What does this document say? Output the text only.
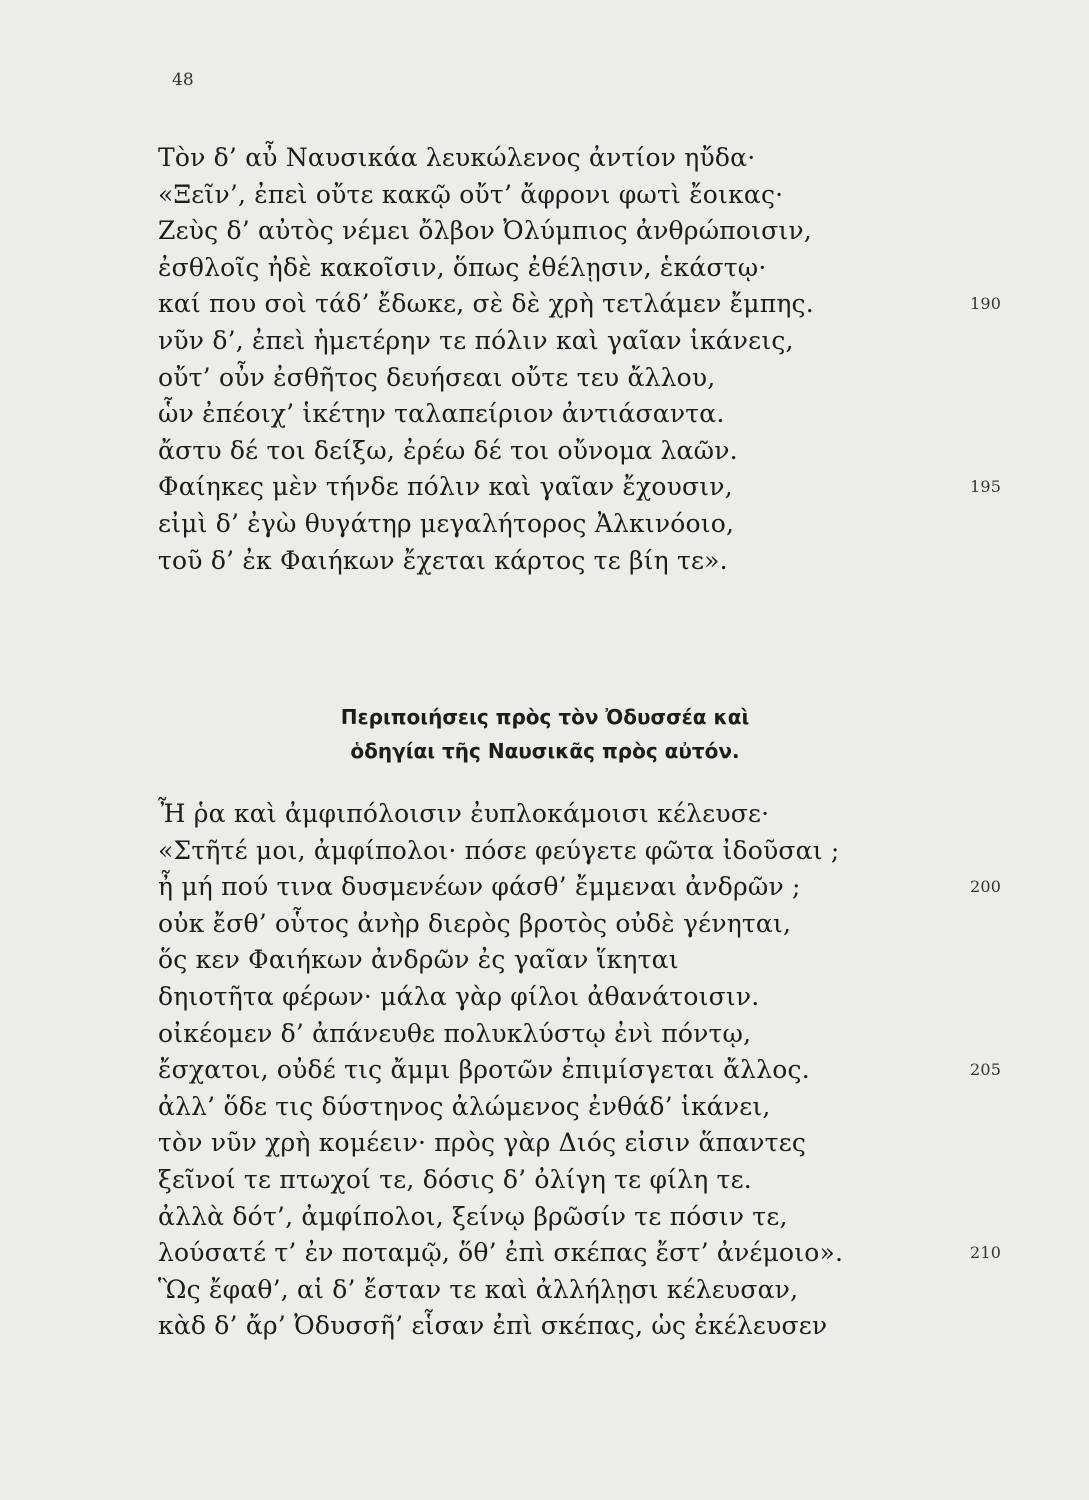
48
Τὸν δ’ αὖ Ναυσικάα λευκώλενος ἀντίον ηὔδα·
«Ξεῖν’, ἐπεὶ οὔτε κακῷ οὔτ’ ἄφρονι φωτὶ ἔοικας·
Ζεὺς δ’ αὐτὸς νέμει ὄλβον Ὀλύμπιος ἀνθρώποισιν,
ἐσθλοῖς ἠδὲ κακοῖσιν, ὅπως ἐθέλῃσιν, ἑκάστῳ·
καί που σοὶ τάδ’ ἔδωκε, σὲ δὲ χρὴ τετλάμεν ἔμπης.	190
νῦν δ’, ἐπεὶ ἡμετέρην τε πόλιν καὶ γαῖαν ἱκάνεις,
οὔτ’ οὖν ἐσθῆτος δευήσεαι οὔτε τευ ἄλλου,
ὧν ἐπέοιχ’ ἱκέτην ταλαπείριον ἀντιάσαντα.
ἄστυ δέ τοι δείξω, ἐρέω δέ τοι οὔνομα λαῶν.
Φαίηκες μὲν τήνδε πόλιν καὶ γαῖαν ἔχουσιν,	195
εἰμὶ δ’ ἐγὼ θυγάτηρ μεγαλήτορος Ἀλκινόοιο,
τοῦ δ’ ἐκ Φαιήκων ἔχεται κάρτος τε βίη τε».
Περιποιήσεις πρὸς τὸν Ὀδυσσέα καὶ
ὁδηγίαι τῆς Ναυσικᾶς πρὸς αὐτόν.
Ἦ ῥα καὶ ἀμφιπόλοισιν ἐυπλοκάμοισι κέλευσε·
«Στῆτέ μοι, ἀμφίπολοι· πόσε φεύγετε φῶτα ἰδοῦσαι ;
ἦ μή πού τινα δυσμενέων φάσθ’ ἔμμεναι ἀνδρῶν ;	200
οὐκ ἔσθ’ οὗτος ἀνὴρ διερὸς βροτὸς οὐδὲ γένηται,
ὅς κεν Φαιήκων ἀνδρῶν ἐς γαῖαν ἵκηται
δηιοτῆτα φέρων· μάλα γὰρ φίλοι ἀθανάτοισιν.
οἰκέομεν δ’ ἀπάνευθε πολυκλύστῳ ἐνὶ πόντῳ,
ἔσχατοι, οὐδέ τις ἄμμι βροτῶν ἐπιμίσγεται ἄλλος.	205
ἀλλ’ ὅδε τις δύστηνος ἀλώμενος ἐνθάδ’ ἱκάνει,
τὸν νῦν χρὴ κομέειν· πρὸς γὰρ Διός εἰσιν ἅπαντες
ξεῖνοί τε πτωχοί τε, δόσις δ’ ὀλίγη τε φίλη τε.
ἀλλὰ δότ’, ἀμφίπολοι, ξείνῳ βρῶσίν τε πόσιν τε,
λούσατέ τ’ ἐν ποταμῷ, ὅθ’ ἐπὶ σκέπας ἔστ’ ἀνέμοιο».	210
Ὣς ἔφαθ’, αἱ δ’ ἔσταν τε καὶ ἀλλήλῃσι κέλευσαν,
κὰδ δ’ ἄρ’ Ὀδυσσῆ’ εἷσαν ἐπὶ σκέπας, ὡς ἐκέλευσεν
